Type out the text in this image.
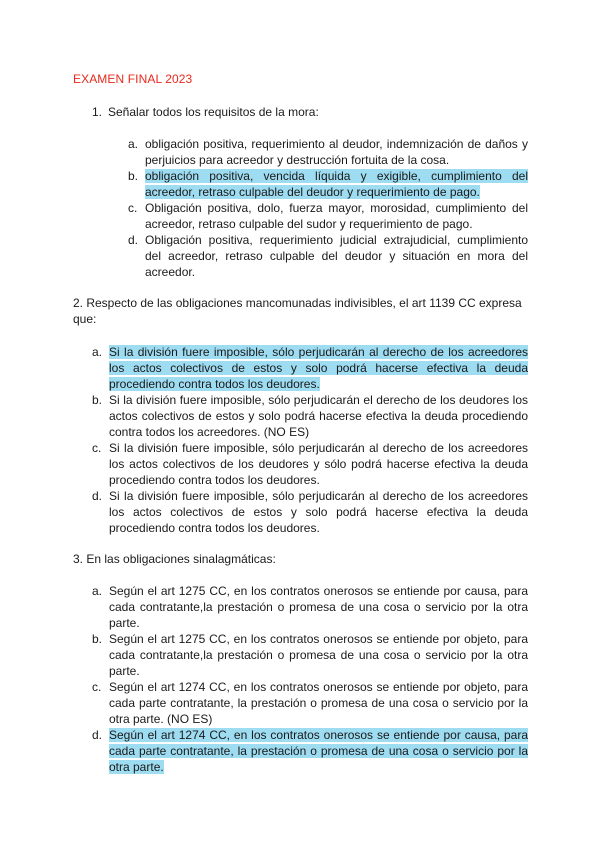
EXAMEN FINAL 2023
1. Señalar todos los requisitos de la mora:
a. obligación positiva, requerimiento al deudor, indemnización de daños y perjuicios para acreedor y destrucción fortuita de la cosa.
b. obligación positiva, vencida líquida y exigible, cumplimiento del acreedor, retraso culpable del deudor y requerimiento de pago.
c. Obligación positiva, dolo, fuerza mayor, morosidad, cumplimiento del acreedor, retraso culpable del sudor y requerimiento de pago.
d. Obligación positiva, requerimiento judicial extrajudicial, cumplimiento del acreedor, retraso culpable del deudor y situación en mora del acreedor.
2. Respecto de las obligaciones mancomunadas indivisibles, el art 1139 CC expresa que:
a. Si la división fuere imposible, sólo perjudicarán al derecho de los acreedores los actos colectivos de estos y solo podrá hacerse efectiva la deuda procediendo contra todos los deudores.
b. Si la división fuere imposible, sólo perjudicarán el derecho de los deudores los actos colectivos de estos y solo podrá hacerse efectiva la deuda procediendo contra todos los acreedores. (NO ES)
c. Si la división fuere imposible, sólo perjudicarán al derecho de los acreedores los actos colectivos de los deudores y sólo podrá hacerse efectiva la deuda procediendo contra todos los deudores.
d. Si la división fuere imposible, sólo perjudicarán al derecho de los acreedores los actos colectivos de estos y solo podrá hacerse efectiva la deuda procediendo contra todos los deudores.
3. En las obligaciones sinalagmáticas:
a. Según el art 1275 CC, en los contratos onerosos se entiende por causa, para cada contratante,la prestación o promesa de una cosa o servicio por la otra parte.
b. Según el art 1275 CC, en los contratos onerosos se entiende por objeto, para cada contratante,la prestación o promesa de una cosa o servicio por la otra parte.
c. Según el art 1274 CC, en los contratos onerosos se entiende por objeto, para cada parte contratante, la prestación o promesa de una cosa o servicio por la otra parte. (NO ES)
d. Según el art 1274 CC, en los contratos onerosos se entiende por causa, para cada parte contratante, la prestación o promesa de una cosa o servicio por la otra parte.
